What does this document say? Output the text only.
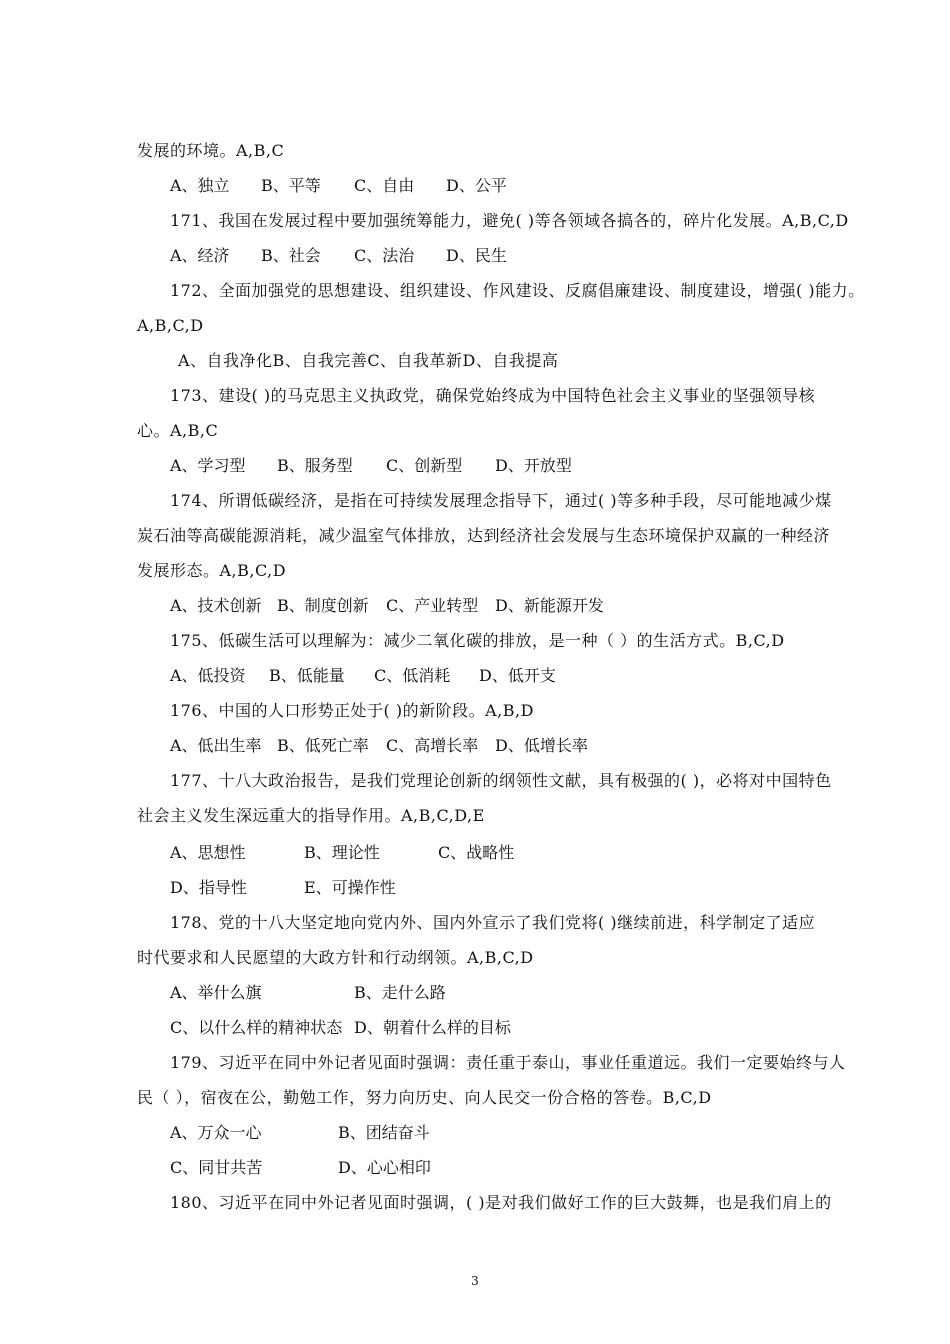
发展的环境。A,B,C
A、独立 B、平等 C、自由 D、公平
171、我国在发展过程中要加强统筹能力，避免( )等各领域各搞各的，碎片化发展。A,B,C,D
A、经济 B、社会 C、法治 D、民生
172、全面加强党的思想建设、组织建设、作风建设、反腐倡廉建设、制度建设，增强( )能力。
A,B,C,D
A、自我净化B、自我完善C、自我革新D、自我提高
173、建设( )的马克思主义执政党，确保党始终成为中国特色社会主义事业的坚强领导核
心。A,B,C
A、学习型 B、服务型 C、创新型 D、开放型
174、所谓低碳经济，是指在可持续发展理念指导下，通过( )等多种手段，尽可能地减少煤
炭石油等高碳能源消耗，减少温室气体排放，达到经济社会发展与生态环境保护双赢的一种经济
发展形态。A,B,C,D
A、技术创新 B、制度创新 C、产业转型 D、新能源开发
175、低碳生活可以理解为：减少二氧化碳的排放，是一种（ ）的生活方式。B,C,D
A、低投资 B、低能量 C、低消耗 D、低开支
176、中国的人口形势正处于( )的新阶段。A,B,D
A、低出生率 B、低死亡率 C、高增长率 D、低增长率
177、十八大政治报告，是我们党理论创新的纲领性文献，具有极强的( )，必将对中国特色
社会主义发生深远重大的指导作用。A,B,C,D,E
A、思想性	B、理论性	C、战略性
D、指导性	E、可操作性
178、党的十八大坚定地向党内外、国内外宣示了我们党将( )继续前进，科学制定了适应
时代要求和人民愿望的大政方针和行动纲领。A,B,C,D
A、举什么旗	B、走什么路
C、以什么样的精神状态 D、朝着什么样的目标
179、习近平在同中外记者见面时强调：责任重于泰山，事业任重道远。我们一定要始终与人
民（ ），宿夜在公，勤勉工作，努力向历史、向人民交一份合格的答卷。B,C,D
A、万众一心	B、团结奋斗
C、同甘共苦	D、心心相印
180、习近平在同中外记者见面时强调，( )是对我们做好工作的巨大鼓舞，也是我们肩上的
3
